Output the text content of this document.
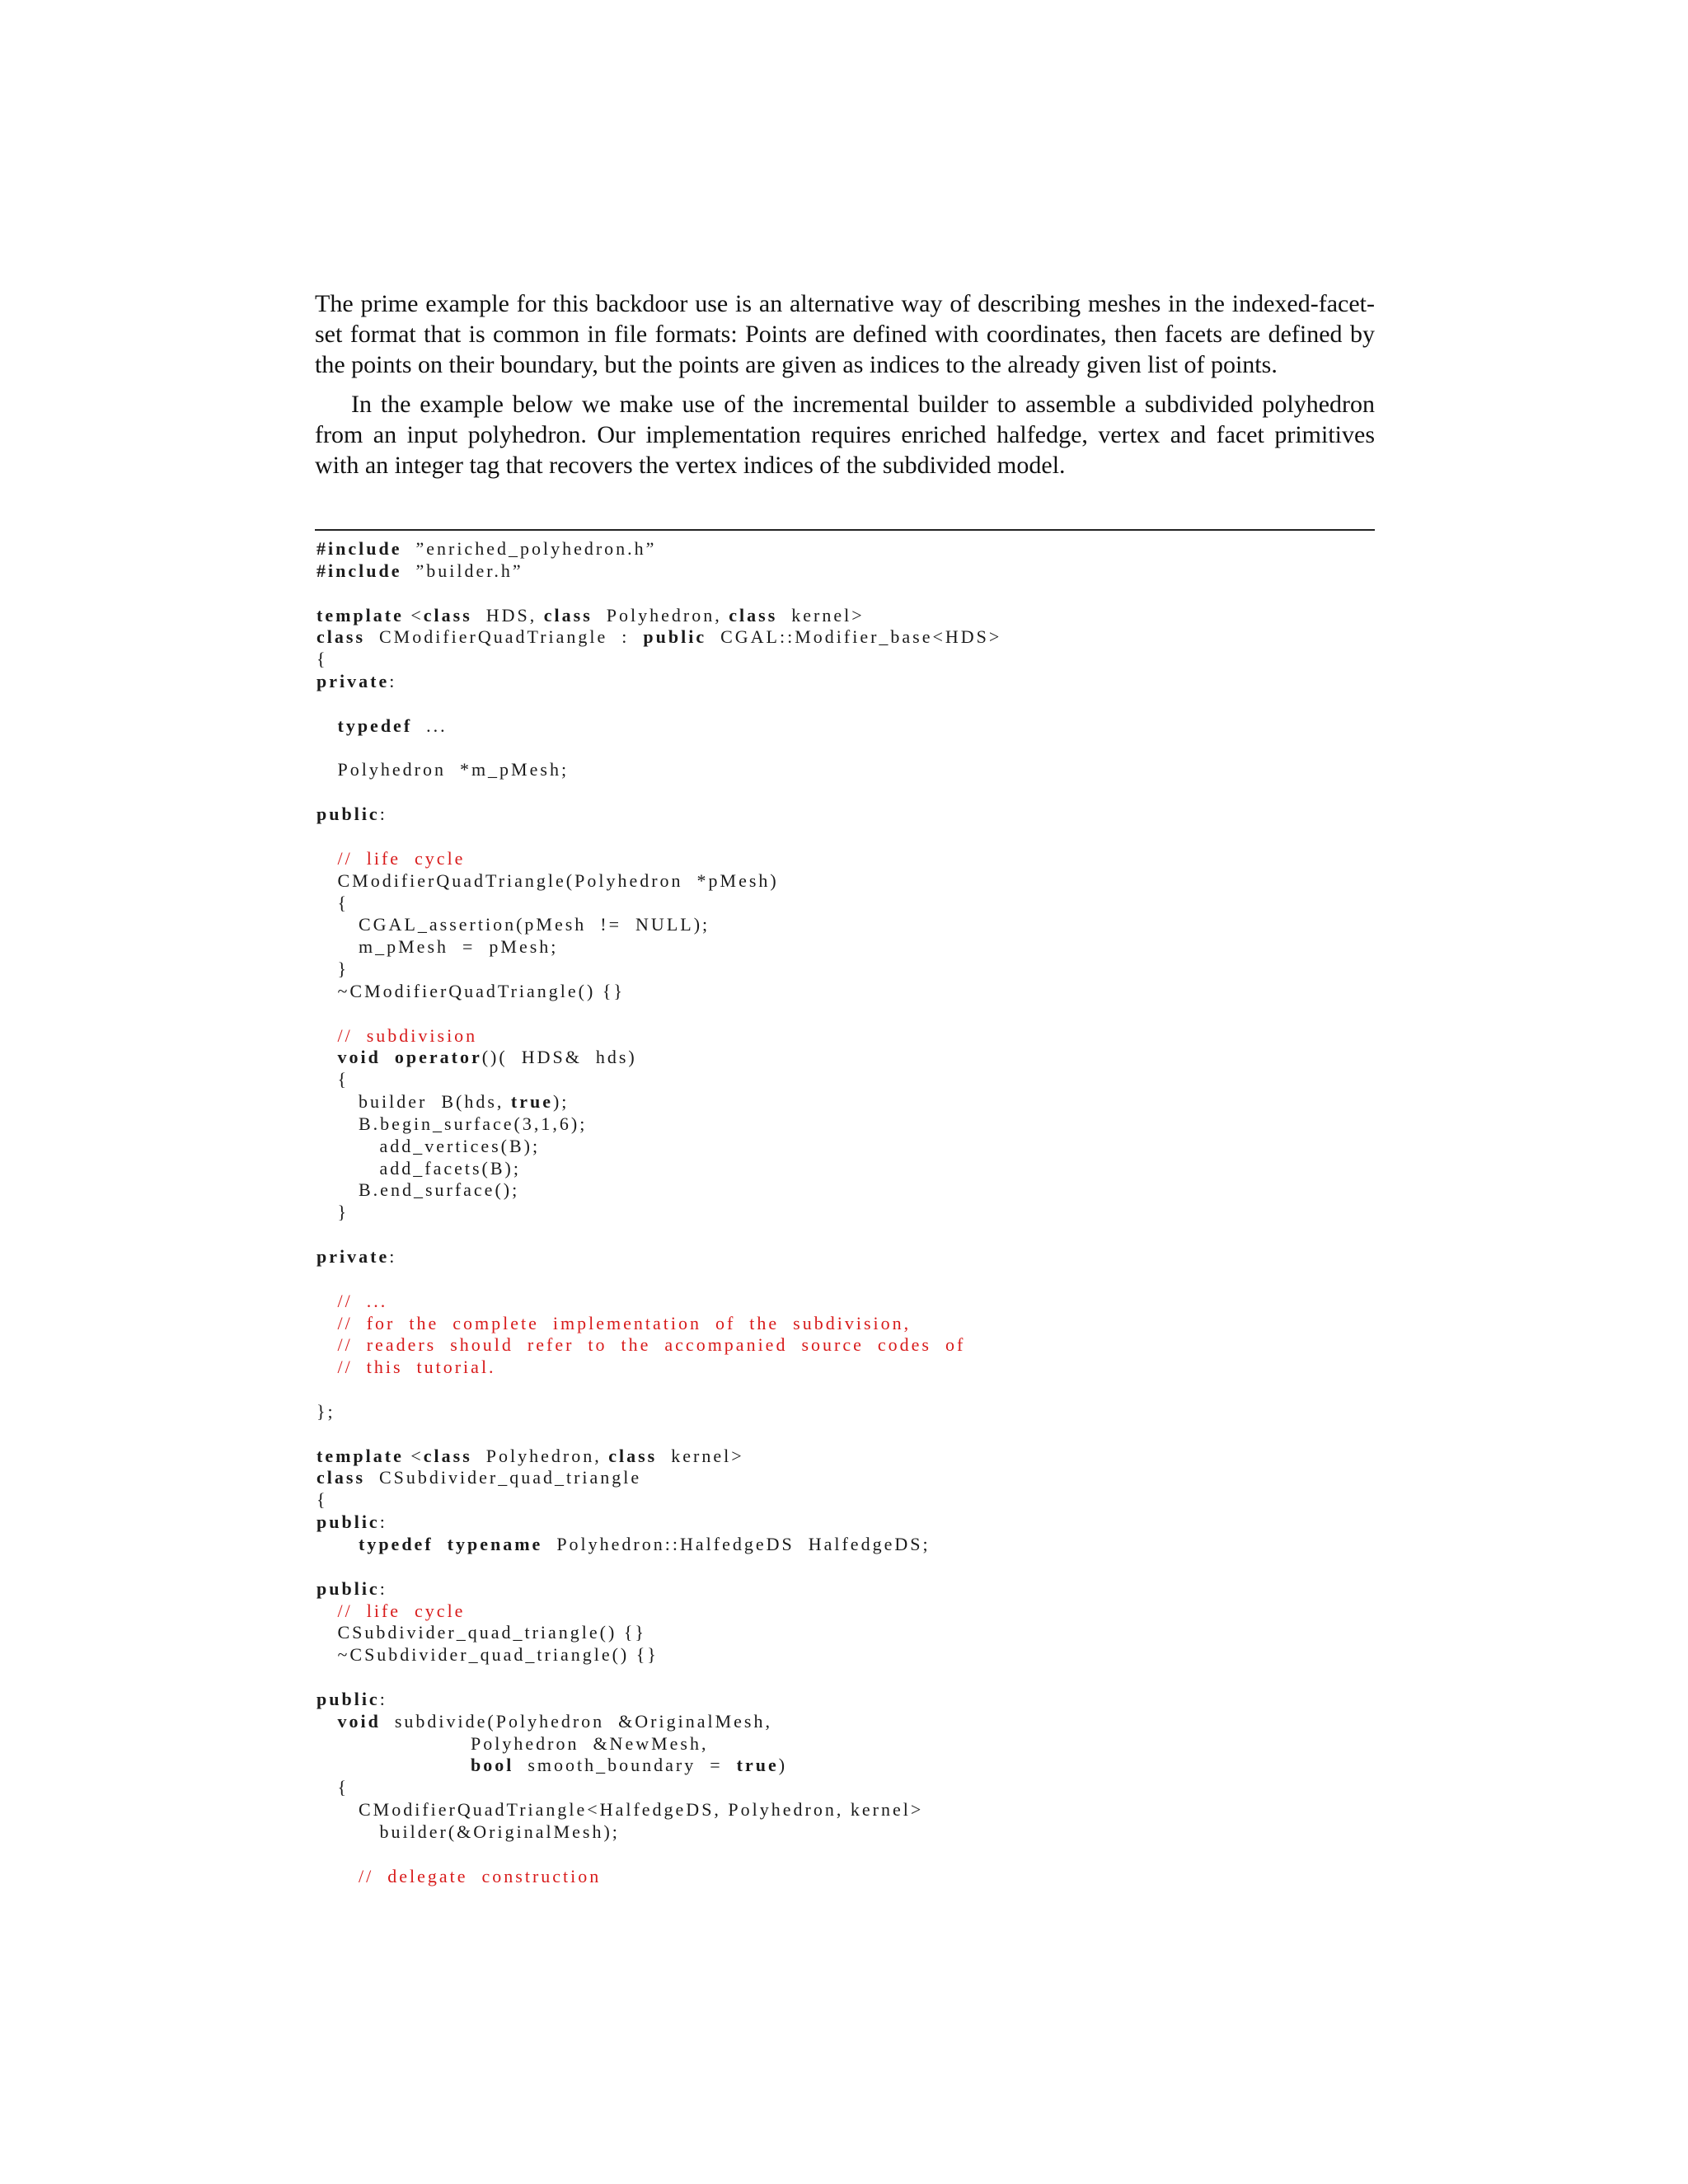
The prime example for this backdoor use is an alternative way of describing meshes in the indexed-facet-set format that is common in file formats: Points are defined with coordinates, then facets are defined by the points on their boundary, but the points are given as indices to the already given list of points.

In the example below we make use of the incremental builder to assemble a subdivided polyhedron from an input polyhedron. Our implementation requires enriched halfedge, vertex and facet primitives with an integer tag that recovers the vertex indices of the subdivided model.

#include  ”enriched_polyhedron.h”
#include  ”builder.h”
template <class  HDS, class  Polyhedron, class  kernel>
class  CModifierQuadTriangle  :  public  CGAL::Modifier_base<HDS>
{
private:
typedef  ...
Polyhedron  *m_pMesh;
public:
//  life  cycle
CModifierQuadTriangle(Polyhedron  *pMesh)
{
CGAL_assertion(pMesh  !=  NULL);
m_pMesh  =  pMesh;
}
~CModifierQuadTriangle() {}
//  subdivision
void operator()(  HDS&  hds)
{
builder  B(hds, true);
B.begin_surface(3,1,6);
add_vertices(B);
add_facets(B);
B.end_surface();
}
private:
//  ...
//  for  the  complete  implementation  of  the  subdivision,
//  readers  should  refer  to  the  accompanied  source  codes  of
//  this  tutorial.
};
template <class  Polyhedron, class  kernel>
class  CSubdivider_quad_triangle
{
public:
typedef typename  Polyhedron::HalfedgeDS  HalfedgeDS;
public:
//  life  cycle
CSubdivider_quad_triangle() {}
~CSubdivider_quad_triangle() {}
public:
void  subdivide(Polyhedron  &OriginalMesh,
Polyhedron  &NewMesh,
bool  smooth_boundary  =  true)
{
CModifierQuadTriangle<HalfedgeDS, Polyhedron, kernel>
builder(&OriginalMesh);
//  delegate  construction
